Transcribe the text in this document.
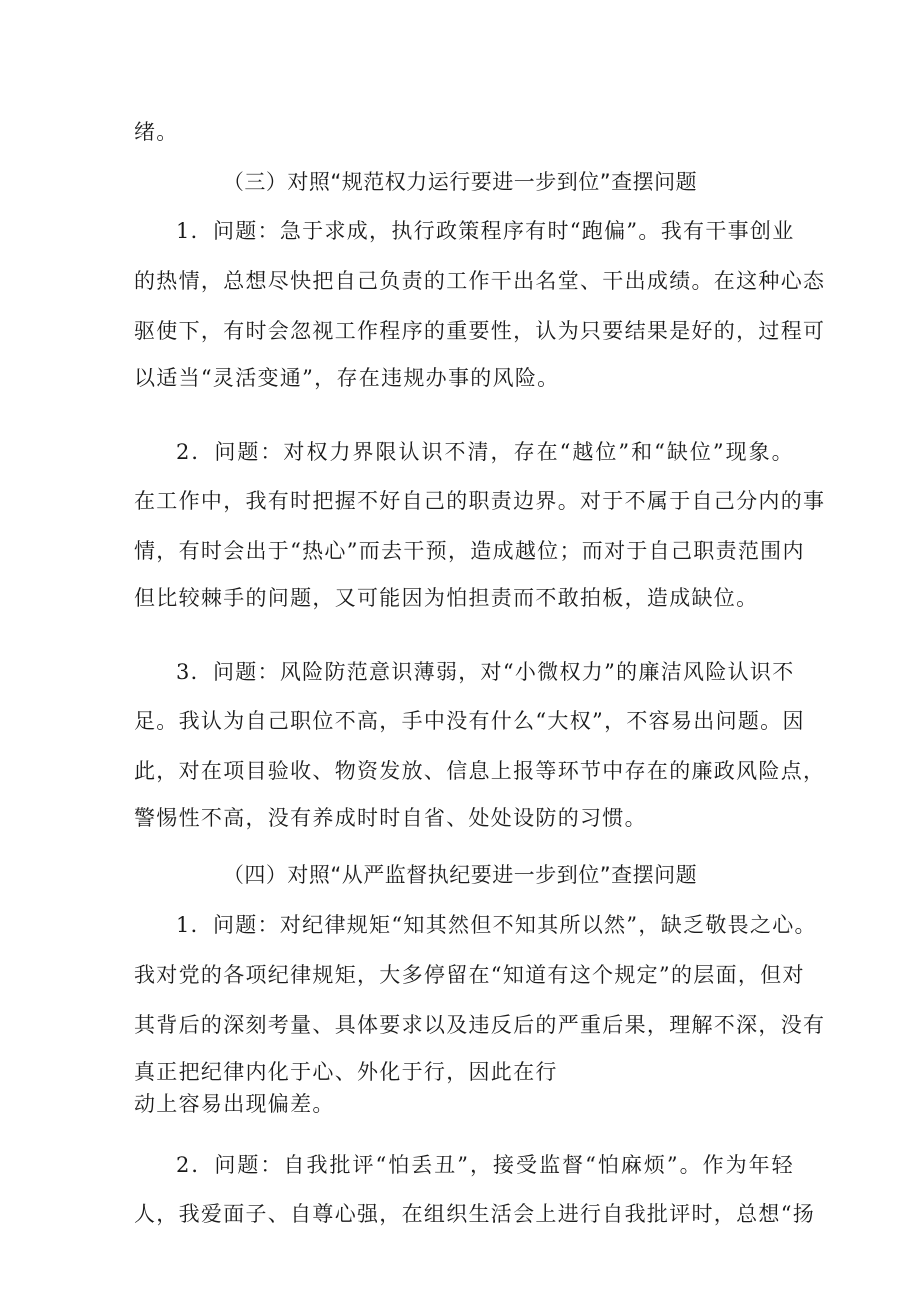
绪。
（三）对照“规范权力运行要进一步到位”查摆问题
1．问题：急于求成，执行政策程序有时“跑偏”。我有干事创业
的热情，总想尽快把自己负责的工作干出名堂、干出成绩。在这种心态
驱使下，有时会忽视工作程序的重要性，认为只要结果是好的，过程可
以适当“灵活变通”，存在违规办事的风险。
2．问题：对权力界限认识不清，存在“越位”和“缺位”现象。
在工作中，我有时把握不好自己的职责边界。对于不属于自己分内的事
情，有时会出于“热心”而去干预，造成越位；而对于自己职责范围内
但比较棘手的问题，又可能因为怕担责而不敢拍板，造成缺位。
3．问题：风险防范意识薄弱，对“小微权力”的廉洁风险认识不
足。我认为自己职位不高，手中没有什么“大权”，不容易出问题。因
此，对在项目验收、物资发放、信息上报等环节中存在的廉政风险点，
警惕性不高，没有养成时时自省、处处设防的习惯。
（四）对照“从严监督执纪要进一步到位”查摆问题
1．问题：对纪律规矩“知其然但不知其所以然”，缺乏敬畏之心。
我对党的各项纪律规矩，大多停留在“知道有这个规定”的层面，但对
其背后的深刻考量、具体要求以及违反后的严重后果，理解不深，没有
真正把纪律内化于心、外化于行，因此在行
动上容易出现偏差。
2．问题：自我批评“怕丢丑”，接受监督“怕麻烦”。作为年轻
人，我爱面子、自尊心强，在组织生活会上进行自我批评时，总想“扬
